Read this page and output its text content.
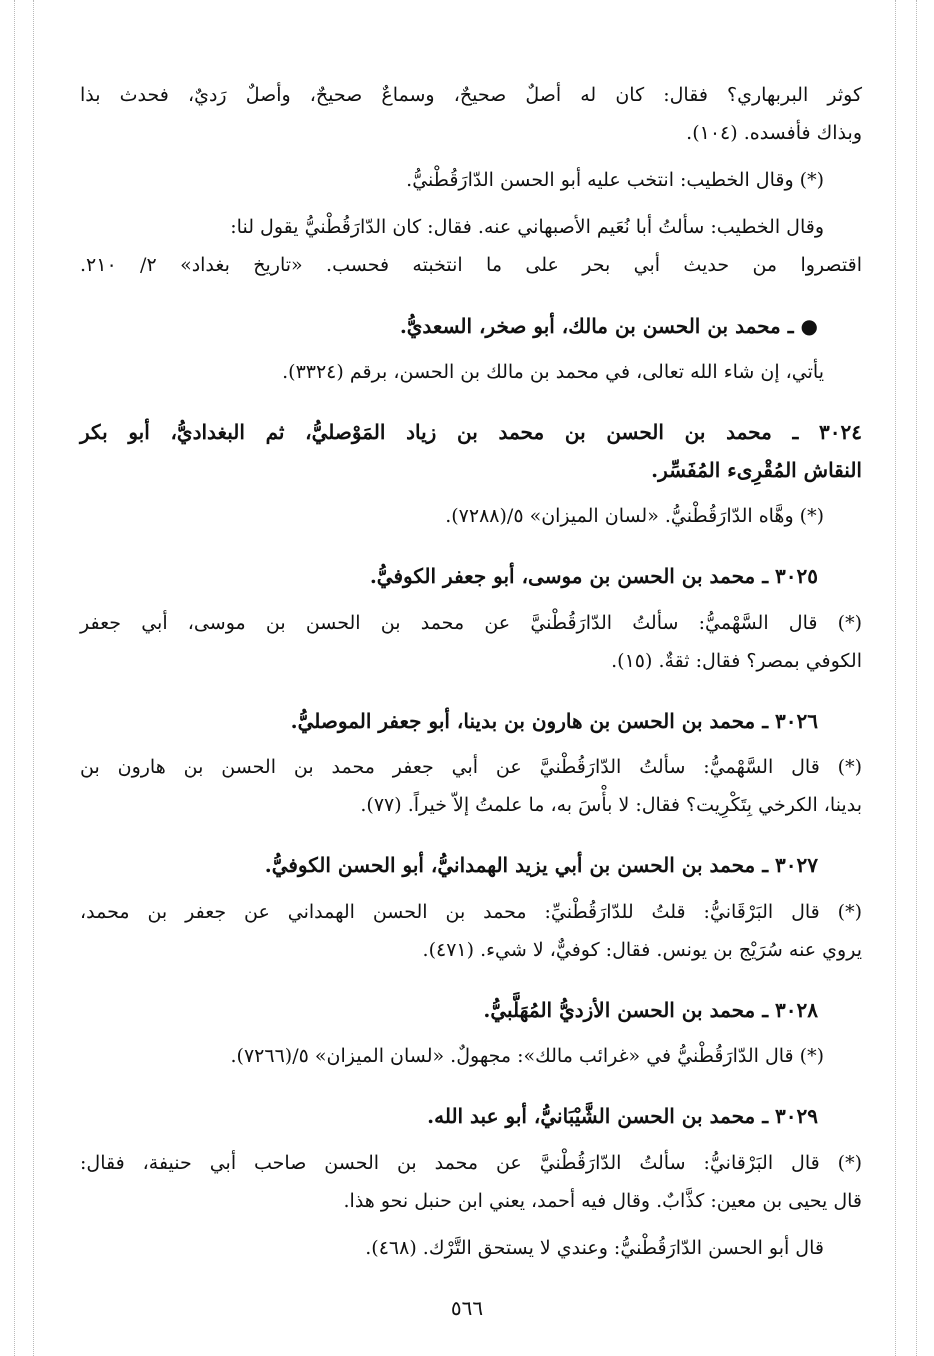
كوثر البربهاري؟ فقال: كان له أصلٌ صحيحٌ، وسماعٌ صحيحٌ، وأصلٌ رَديٌ، فحدث بذا
وبذاك فأفسده. (١٠٤).
(*) وقال الخطيب: انتخب عليه أبو الحسن الدّارَقُطْنيُّ.
وقال الخطيب: سألتُ أبا نُعَيم الأصبهاني عنه. فقال: كان الدّارَقُطْنيُّ يقول لنا:
اقتصروا من حديث أبي بحر على ما انتخبته فحسب. «تاريخ بغداد» ٢/ ٢١٠.
● ـ محمد بن الحسن بن مالك، أبو صخر، السعديُّ.
يأتي، إن شاء الله تعالى، في محمد بن مالك بن الحسن، برقم (٣٣٢٤).
٣٠٢٤ ـ محمد بن الحسن بن محمد بن زياد المَوْصليُّ، ثم البغداديُّ، أبو بكر
النقاش المُقْرِىء المُفَسِّر.
(*) وهَّاه الدّارَقُطْنيُّ. «لسان الميزان» ٥/(٧٢٨٨).
٣٠٢٥ ـ محمد بن الحسن بن موسى، أبو جعفر الكوفيُّ.
(*) قال السَّهْميُّ: سألتُ الدّارَقُطْنيَّ عن محمد بن الحسن بن موسى، أبي جعفر
الكوفي بمصر؟ فقال: ثقةٌ. (١٥).
٣٠٢٦ ـ محمد بن الحسن بن هارون بن بدينا، أبو جعفر الموصليُّ.
(*) قال السَّهْميُّ: سألتُ الدّارَقُطْنيَّ عن أبي جعفر محمد بن الحسن بن هارون بن
بدينا، الكرخي بِتَكْرِيت؟ فقال: لا بأْسَ به، ما علمتُ إلاّ خيراً. (٧٧).
٣٠٢٧ ـ محمد بن الحسن بن أبي يزيد الهمدانيُّ، أبو الحسن الكوفيُّ.
(*) قال البَرْقَانيُّ: قلتُ للدّارَقُطْنيِّ: محمد بن الحسن الهمداني عن جعفر بن محمد،
يروي عنه سُرَيْج بن يونس. فقال: كوفيٌّ، لا شيء. (٤٧١).
٣٠٢٨ ـ محمد بن الحسن الأزديُّ المُهَلَّبيُّ.
(*) قال الدّارَقُطْنيُّ في «غرائب مالك»: مجهولٌ. «لسان الميزان» ٥/(٧٢٦٦).
٣٠٢٩ ـ محمد بن الحسن الشَّيْبَانيُّ، أبو عبد الله.
(*) قال البَرْقانيُّ: سألتُ الدّارَقُطْنيَّ عن محمد بن الحسن صاحب أبي حنيفة، فقال:
قال يحيى بن معين: كذَّابٌ. وقال فيه أحمد، يعني ابن حنبل نحو هذا.
قال أبو الحسن الدّارَقُطْنيُّ: وعندي لا يستحق التَّرْك. (٤٦٨).
٥٦٦
